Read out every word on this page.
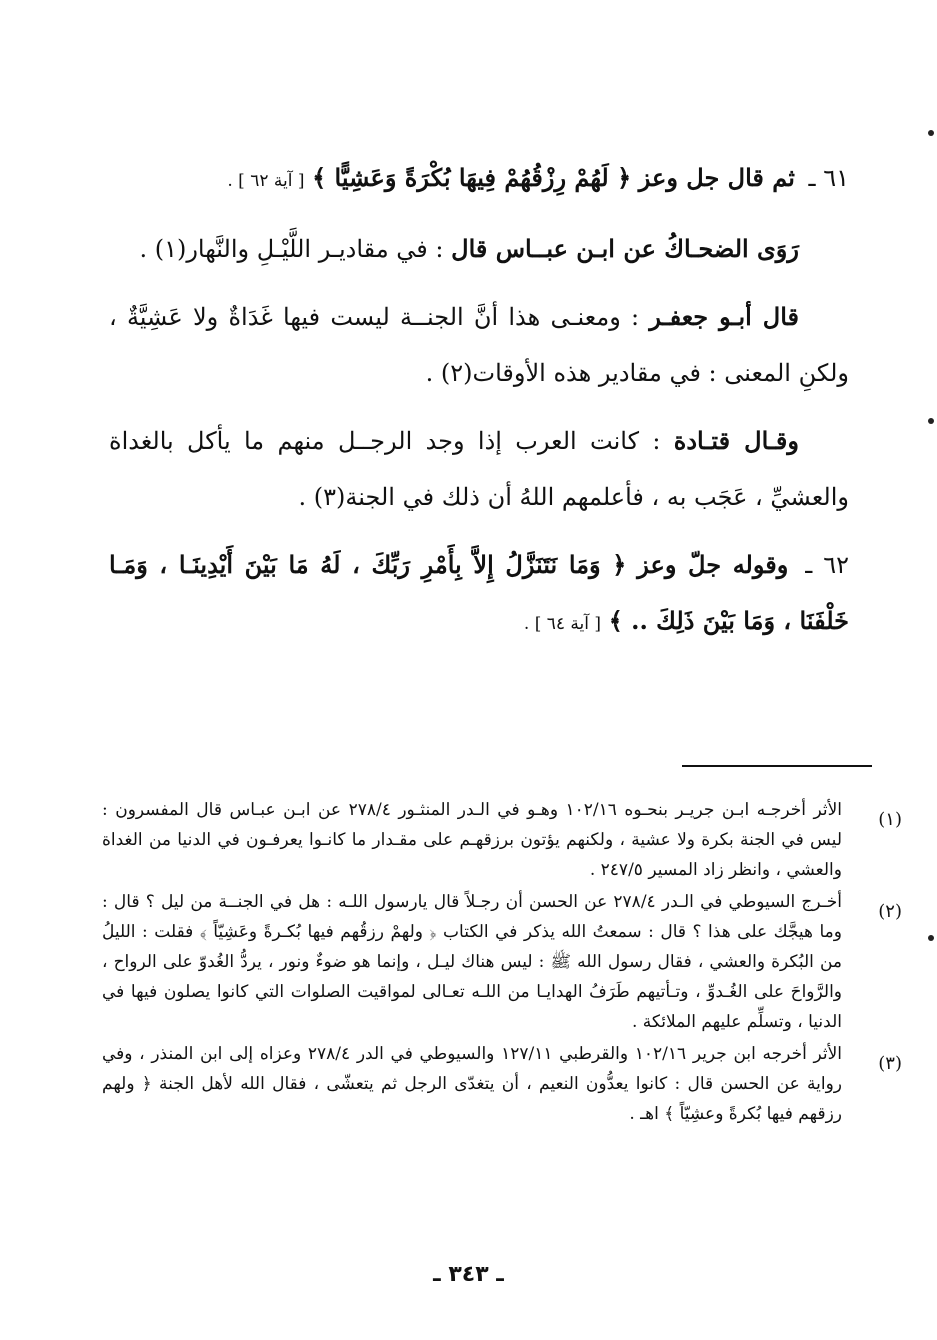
٦١ ـ ثم قال جل وعز ﴿ لَهُمْ رِزْقُهُمْ فِيهَا بُكْرَةً وَعَشِيًّا ﴾ [ آية ٦٢ ] .

رَوَى الضحـاكُ عن ابـن عبــاس قال : في مقاديـر اللَّيْـلِ والنَّهار(١) .

قال أبـو جعفـر : ومعنـى هذا أنَّ الجنــة ليست فيها غَدَاةٌ ولا عَشِيَّةٌ ، ولكنِ المعنى : في مقادير هذه الأوقات(٢) .

وقـال قتـادة : كانت العرب إذا وجد الرجــل منهم ما يأكل بالغداة والعشيِّ ، عَجَب به ، فأعلمهم اللهُ أن ذلك في الجنة(٣) .

٦٢ ـ وقوله جلّ وعز ﴿ وَمَا نَتَنَزَّلُ إِلاَّ بِأَمْرِ رَبِّكَ ، لَهُ مَا بَيْنَ أَيْدِينَـا ، وَمَـا خَلْفَنَا ، وَمَا بَيْنَ ذَلِكَ .. ﴾ [ آية ٦٤ ] .

(١)
الأثر أخرجـه ابـن جريـر بنحـوه ١٠٢/١٦ وهـو في الـدر المنثـور ٢٧٨/٤ عن ابـن عبـاس قال المفسرون : ليس في الجنة بكرة ولا عشية ، ولكنهم يؤتون برزقهـم على مقـدار ما كانـوا يعرفـون في الدنيا من الغداة والعشي ، وانظر زاد المسير ٢٤٧/٥ .

(٢)
أخـرج السيوطي في الـدر ٢٧٨/٤ عن الحسن أن رجـلاً قال يارسول اللـه : هل في الجنــة من ليل ؟ قال : وما هيجَّك على هذا ؟ قال : سمعتُ الله يذكر في الكتاب ﴿ ولهمْ رزقُهم فيها بُكـرةً وعَشِيّاً ﴾ فقلت : الليلُ من البُكرة والعشي ، فقال رسول الله ﷺ : ليس هناك ليـل ، وإنما هو ضوءٌ ونور ، يردُّ الغُدوّ على الرواح ، والرَّواحَ على الغُـدوِّ ، وتـأتيهم طَرَفُ الهدايـا من اللـه تعـالى لمواقيت الصلوات التي كانوا يصلون فيها في الدنيا ، وتسلِّم عليهم الملائكة .

(٣)
الأثر أخرجه ابن جرير ١٠٢/١٦ والقرطبي ١٢٧/١١ والسيوطي في الدر ٢٧٨/٤ وعزاه إلى ابن المنذر ، وفي رواية عن الحسن قال : كانوا يعدُّون النعيم ، أن يتغدّى الرجل ثم يتعشّى ، فقال الله لأهل الجنة ﴿ ولهم رزقهم فيها بُكرةً وعشِيّاً ﴾ اهـ .

ـ ٣٤٣ ـ
